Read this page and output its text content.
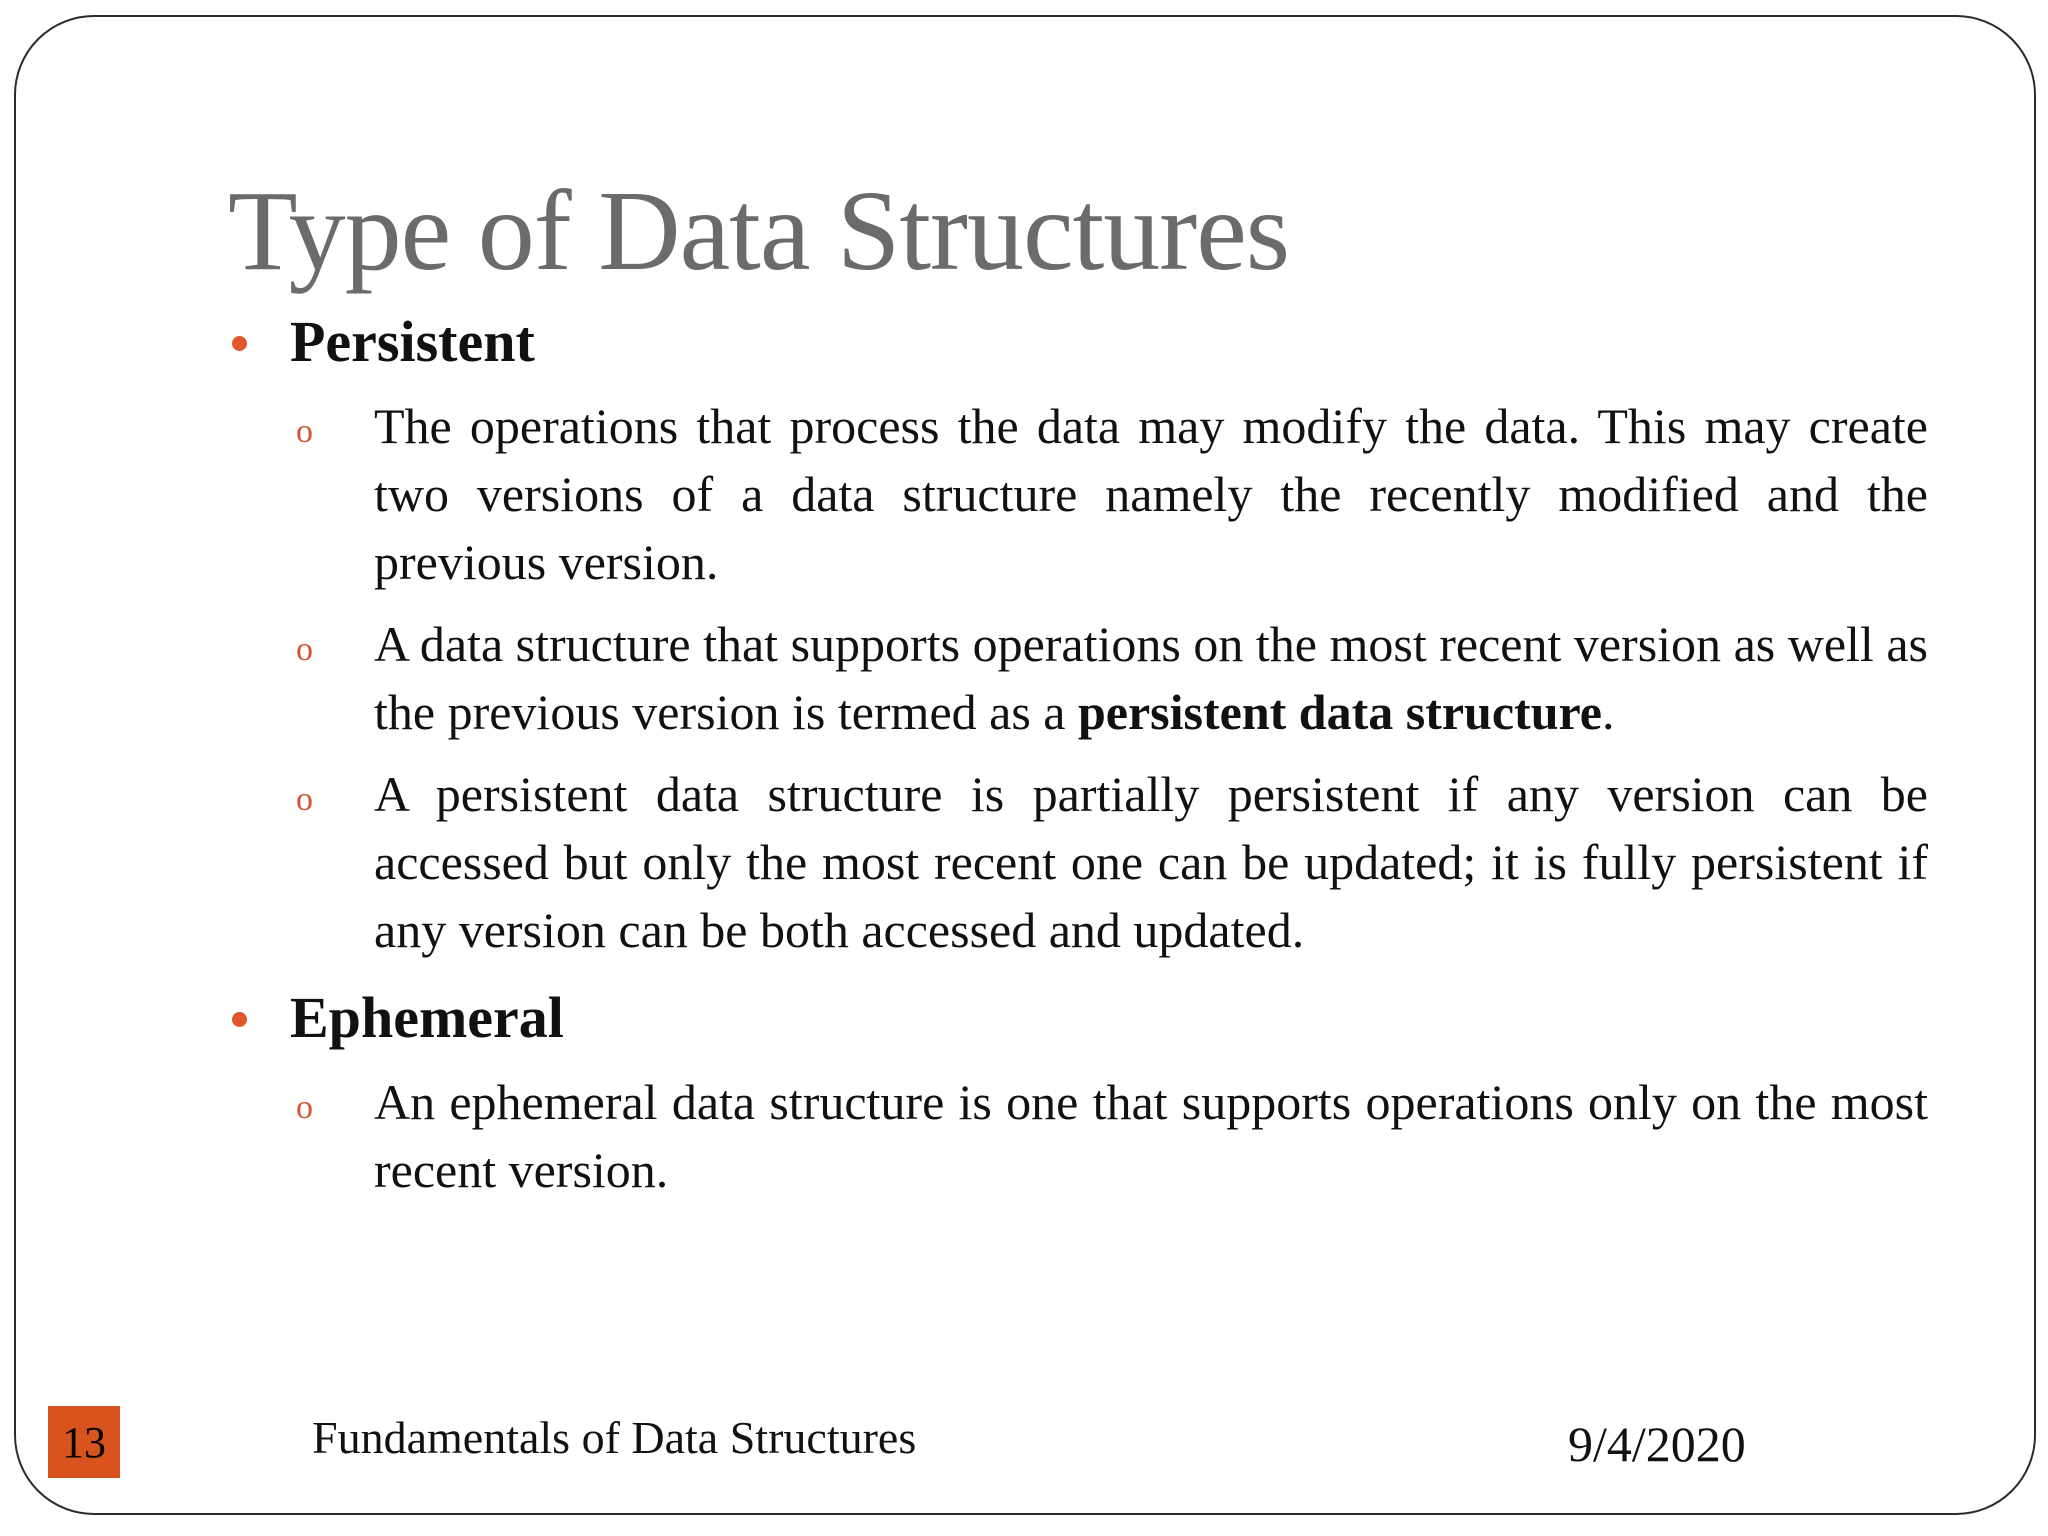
Type of Data Structures
Persistent
o The operations that process the data may modify the data. This may create two versions of a data structure namely the recently modified and the previous version.
o A data structure that supports operations on the most recent version as well as the previous version is termed as a persistent data structure.
o A persistent data structure is partially persistent if any version can be accessed but only the most recent one can be updated; it is fully persistent if any version can be both accessed and updated.
Ephemeral
o An ephemeral data structure is one that supports operations only on the most recent version.
13	Fundamentals of Data Structures	9/4/2020
